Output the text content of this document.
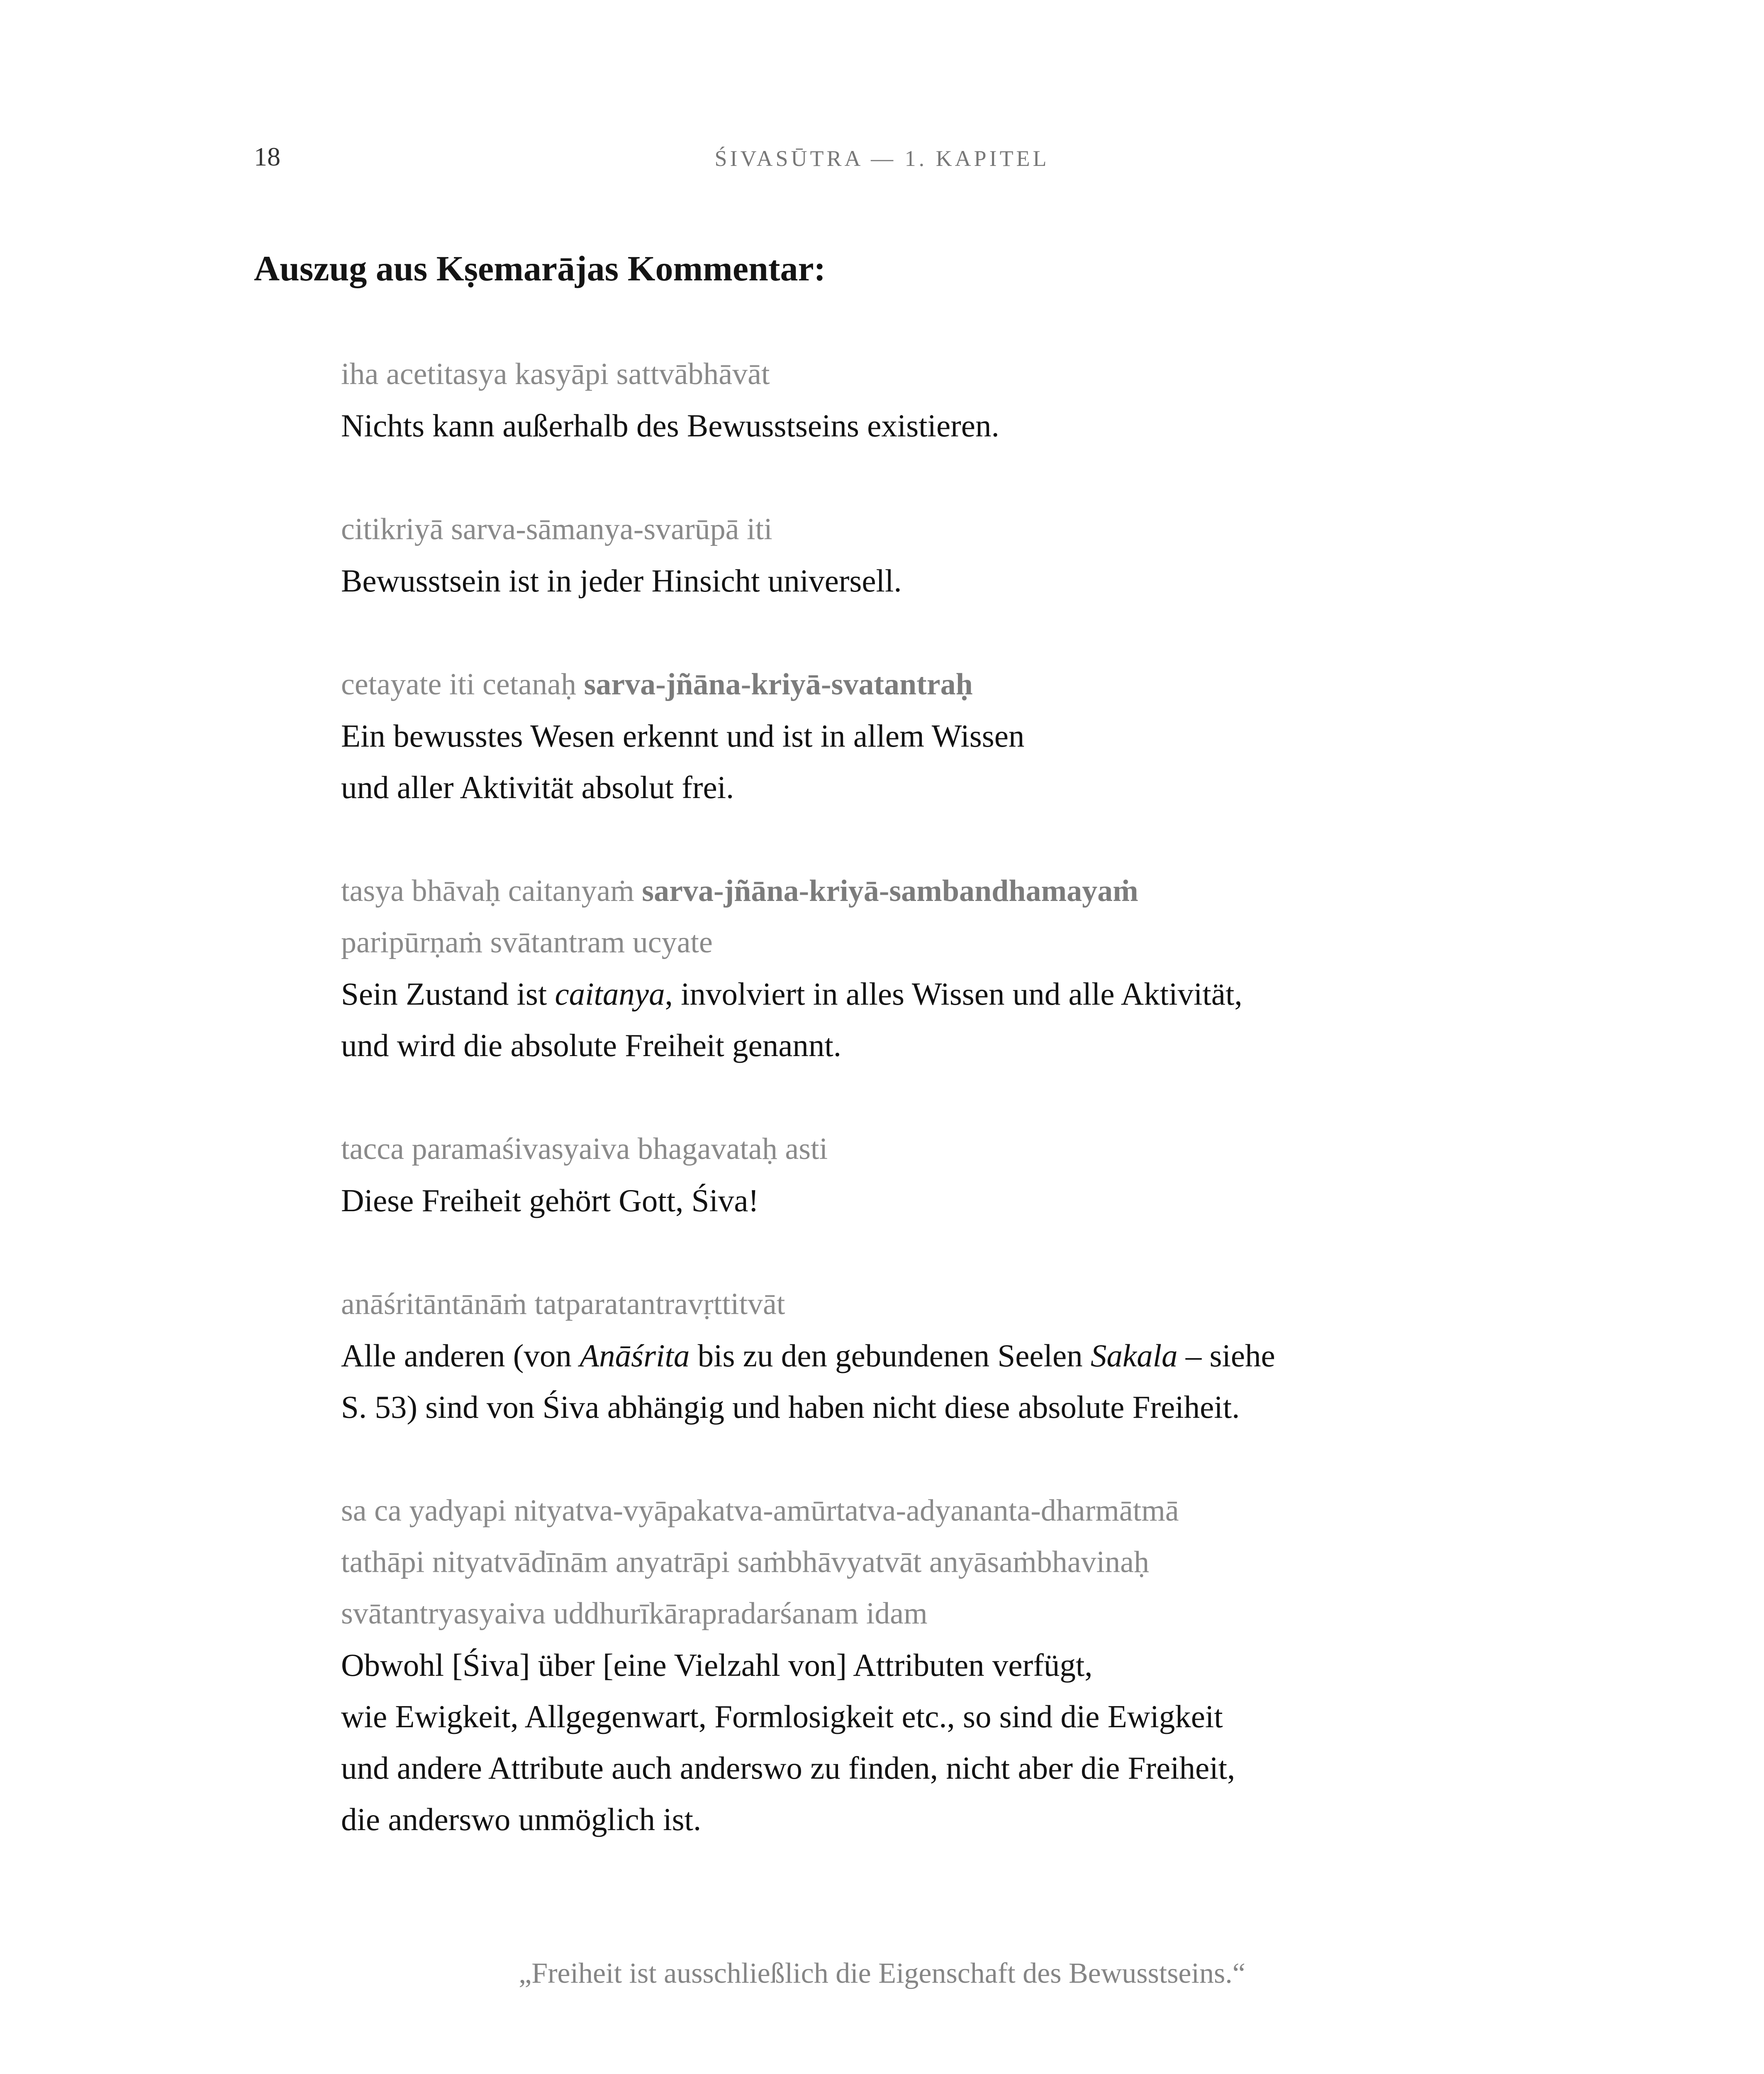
18	ŚIVASŪTRA — 1. KAPITEL
Auszug aus Kṣemarājas Kommentar:
iha acetitasya kasyāpi sattvābhāvāt
Nichts kann außerhalb des Bewusstseins existieren.
citikriyā sarva-sāmanya-svarūpā iti
Bewusstsein ist in jeder Hinsicht universell.
cetayate iti cetanaḥ sarva-jñāna-kriyā-svatantraḥ
Ein bewusstes Wesen erkennt und ist in allem Wissen
und aller Aktivität absolut frei.
tasya bhāvaḥ caitanyaṁ sarva-jñāna-kriyā-sambandhamayaṁ
paripūrṇaṁ svātantram ucyate
Sein Zustand ist caitanya, involviert in alles Wissen und alle Aktivität,
und wird die absolute Freiheit genannt.
tacca paramaśivasyaiva bhagavataḥ asti
Diese Freiheit gehört Gott, Śiva!
anāśritāntānāṁ tatparatantravṛttitvāt
Alle anderen (von Anāśrita bis zu den gebundenen Seelen Sakala – siehe
S. 53) sind von Śiva abhängig und haben nicht diese absolute Freiheit.
sa ca yadyapi nityatva-vyāpakatva-amūrtatva-adyananta-dharmātmā
tathāpi nityatvādīnām anyatrāpi saṁbhāvyatvāt anyāsaṁbhavinaḥ
svātantryasyaiva uddhurīkārapradarśanam idam
Obwohl [Śiva] über [eine Vielzahl von] Attributen verfügt,
wie Ewigkeit, Allgegenwart, Formlosigkeit etc., so sind die Ewigkeit
und andere Attribute auch anderswo zu finden, nicht aber die Freiheit,
die anderswo unmöglich ist.
„Freiheit ist ausschließlich die Eigenschaft des Bewusstseins.“
